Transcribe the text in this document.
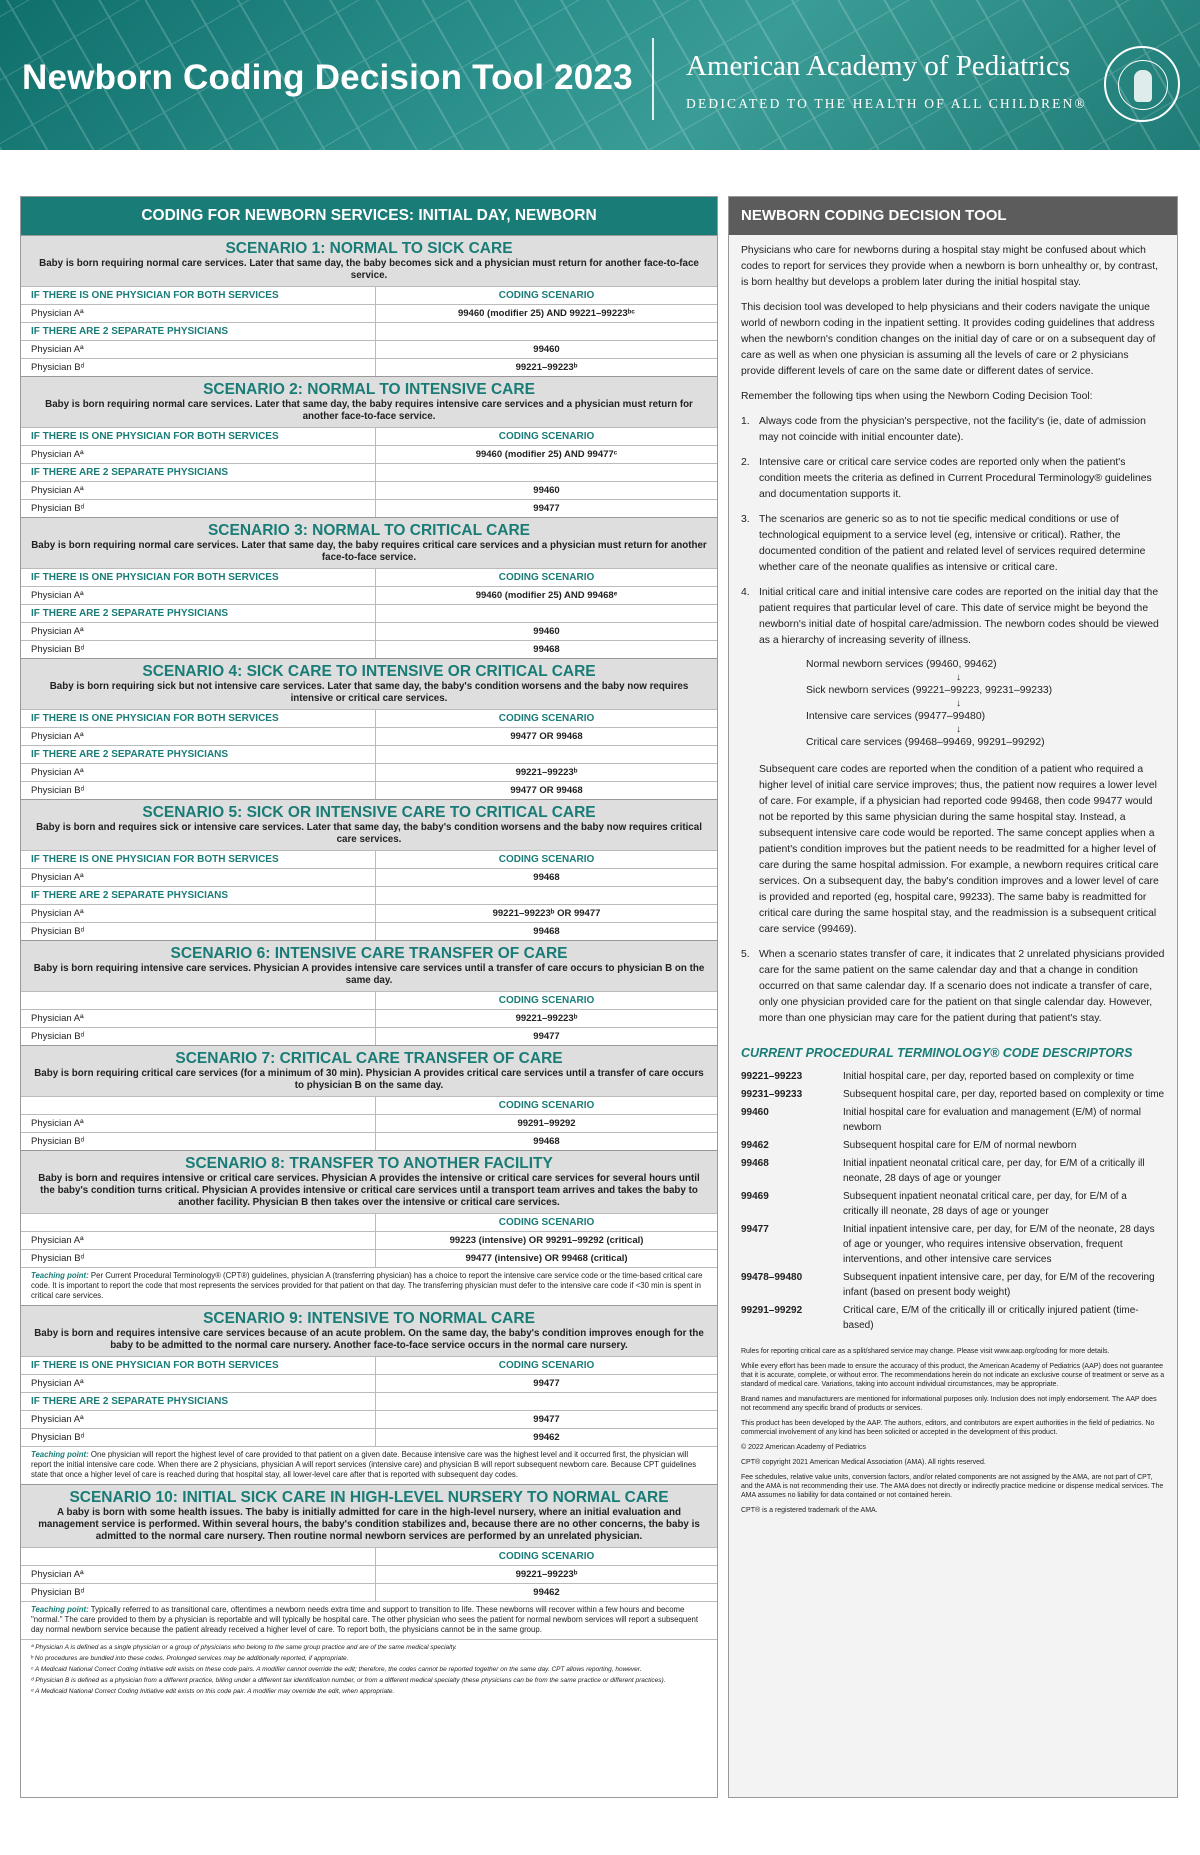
Newborn Coding Decision Tool 2023 American Academy of Pediatrics
DEDICATED TO THE HEALTH OF ALL CHILDREN®
CODING FOR NEWBORN SERVICES: INITIAL DAY, NEWBORN
SCENARIO 1: NORMAL TO SICK CARE
Baby is born requiring normal care services. Later that same day, the baby becomes sick and a physician must return for another face-to-face service.
IF THERE IS ONE PHYSICIAN FOR BOTH SERVICES	CODING SCENARIO
Physician Aª	99460 (modifier 25) AND 99221–99223ᵇᶜ
IF THERE ARE 2 SEPARATE PHYSICIANS
Physician Aª	99460
Physician Bᵈ	99221–99223ᵇ
SCENARIO 2: NORMAL TO INTENSIVE CARE
Baby is born requiring normal care services. Later that same day, the baby requires intensive care services and a physician must return for another face-to-face service.
IF THERE IS ONE PHYSICIAN FOR BOTH SERVICES	CODING SCENARIO
Physician Aª	99460 (modifier 25) AND 99477ᶜ
IF THERE ARE 2 SEPARATE PHYSICIANS
Physician Aª	99460
Physician Bᵈ	99477
SCENARIO 3: NORMAL TO CRITICAL CARE
Baby is born requiring normal care services. Later that same day, the baby requires critical care services and a physician must return for another face-to-face service.
IF THERE IS ONE PHYSICIAN FOR BOTH SERVICES	CODING SCENARIO
Physician Aª	99460 (modifier 25) AND 99468ᵉ
IF THERE ARE 2 SEPARATE PHYSICIANS
Physician Aª	99460
Physician Bᵈ	99468
SCENARIO 4: SICK CARE TO INTENSIVE OR CRITICAL CARE
Baby is born requiring sick but not intensive care services. Later that same day, the baby's condition worsens and the baby now requires intensive or critical care services.
IF THERE IS ONE PHYSICIAN FOR BOTH SERVICES	CODING SCENARIO
Physician Aª	99477 OR 99468
IF THERE ARE 2 SEPARATE PHYSICIANS
Physician Aª	99221–99223ᵇ
Physician Bᵈ	99477 OR 99468
SCENARIO 5: SICK OR INTENSIVE CARE TO CRITICAL CARE
Baby is born and requires sick or intensive care services. Later that same day, the baby's condition worsens and the baby now requires critical care services.
IF THERE IS ONE PHYSICIAN FOR BOTH SERVICES	CODING SCENARIO
Physician Aª	99468
IF THERE ARE 2 SEPARATE PHYSICIANS
Physician Aª	99221–99223ᵇ OR 99477
Physician Bᵈ	99468
SCENARIO 6: INTENSIVE CARE TRANSFER OF CARE
Baby is born requiring intensive care services. Physician A provides intensive care services until a transfer of care occurs to physician B on the same day.
CODING SCENARIO
Physician Aª	99221–99223ᵇ
Physician Bᵈ	99477
SCENARIO 7: CRITICAL CARE TRANSFER OF CARE
Baby is born requiring critical care services (for a minimum of 30 min). Physician A provides critical care services until a transfer of care occurs to physician B on the same day.
CODING SCENARIO
Physician Aª	99291–99292
Physician Bᵈ	99468
SCENARIO 8: TRANSFER TO ANOTHER FACILITY
Baby is born and requires intensive or critical care services. Physician A provides the intensive or critical care services for several hours until the baby's condition turns critical. Physician A provides intensive or critical care services until a transport team arrives and takes the baby to another facility. Physician B then takes over the intensive or critical care services.
CODING SCENARIO
Physician Aª	99223 (intensive) OR 99291–99292 (critical)
Physician Bᵈ	99477 (intensive) OR 99468 (critical)
Teaching point: Per Current Procedural Terminology® (CPT®) guidelines, physician A (transferring physician) has a choice to report the intensive care service code or the time-based critical care code. It is important to report the code that most represents the services provided for that patient on that day. The transferring physician must defer to the intensive care code if <30 min is spent in critical care services.
SCENARIO 9: INTENSIVE TO NORMAL CARE
Baby is born and requires intensive care services because of an acute problem. On the same day, the baby's condition improves enough for the baby to be admitted to the normal care nursery. Another face-to-face service occurs in the normal care nursery.
IF THERE IS ONE PHYSICIAN FOR BOTH SERVICES	CODING SCENARIO
Physician Aª	99477
IF THERE ARE 2 SEPARATE PHYSICIANS
Physician Aª	99477
Physician Bᵈ	99462
Teaching point: One physician will report the highest level of care provided to that patient on a given date. Because intensive care was the highest level and it occurred first, the physician will report the initial intensive care code. When there are 2 physicians, physician A will report services (intensive care) and physician B will report subsequent newborn care. Because CPT guidelines state that once a higher level of care is reached during that hospital stay, all lower-level care after that is reported with subsequent day codes.
SCENARIO 10: INITIAL SICK CARE IN HIGH-LEVEL NURSERY TO NORMAL CARE
A baby is born with some health issues. The baby is initially admitted for care in the high-level nursery, where an initial evaluation and management service is performed. Within several hours, the baby's condition stabilizes and, because there are no other concerns, the baby is admitted to the normal care nursery. Then routine normal newborn services are performed by an unrelated physician.
CODING SCENARIO
Physician Aª	99221–99223ᵇ
Physician Bᵈ	99462
Teaching point: Typically referred to as transitional care, oftentimes a newborn needs extra time and support to transition to life. These newborns will recover within a few hours and become "normal." The care provided to them by a physician is reportable and will typically be hospital care. The other physician who sees the patient for normal newborn services will report a subsequent day normal newborn service because the patient already received a higher level of care. To report both, the physicians cannot be in the same group.
ª Physician A is defined as a single physician or a group of physicians who belong to the same group practice and are of the same medical specialty.
ᵇ No procedures are bundled into these codes. Prolonged services may be additionally reported, if appropriate.
ᶜ A Medicaid National Correct Coding Initiative edit exists on these code pairs. A modifier cannot override the edit; therefore, the codes cannot be reported together on the same day. CPT allows reporting, however.
ᵈ Physician B is defined as a physician from a different practice, billing under a different tax identification number, or from a different medical specialty (these physicians can be from the same practice or different practices).
ᵉ A Medicaid National Correct Coding Initiative edit exists on this code pair. A modifier may override the edit, when appropriate.
NEWBORN CODING DECISION TOOL

Physicians who care for newborns during a hospital stay might be confused about which codes to report for services they provide when a newborn is born unhealthy or, by contrast, is born healthy but develops a problem later during the initial hospital stay.

This decision tool was developed to help physicians and their coders navigate the unique world of newborn coding in the inpatient setting. It provides coding guidelines that address when the newborn's condition changes on the initial day of care or on a subsequent day of care as well as when one physician is assuming all the levels of care or 2 physicians provide different levels of care on the same date or different dates of service.

Remember the following tips when using the Newborn Coding Decision Tool:

1. Always code from the physician's perspective, not the facility's (ie, date of admission may not coincide with initial encounter date).
2. Intensive care or critical care service codes are reported only when the patient's condition meets the criteria as defined in Current Procedural Terminology® guidelines and documentation supports it.
3. The scenarios are generic so as to not tie specific medical conditions or use of technological equipment to a service level (eg, intensive or critical). Rather, the documented condition of the patient and related level of services required determine whether care of the neonate qualifies as intensive or critical care.
4. Initial critical care and initial intensive care codes are reported on the initial day that the patient requires that particular level of care. This date of service might be beyond the newborn's initial date of hospital care/admission. The newborn codes should be viewed as a hierarchy of increasing severity of illness.
Normal newborn services (99460, 99462)
↓
Sick newborn services (99221–99223, 99231–99233)
↓
Intensive care services (99477–99480)
↓
Critical care services (99468–99469, 99291–99292)

Subsequent care codes are reported when the condition of a patient who required a higher level of initial care service improves; thus, the patient now requires a lower level of care. For example, if a physician had reported code 99468, then code 99477 would not be reported by this same physician during the same hospital stay. Instead, a subsequent intensive care code would be reported. The same concept applies when a patient's condition improves but the patient needs to be readmitted for a higher level of care during the same hospital admission. For example, a newborn requires critical care services. On a subsequent day, the baby's condition improves and a lower level of care is provided and reported (eg, hospital care, 99233). The same baby is readmitted for critical care during the same hospital stay, and the readmission is a subsequent critical care service (99469).

5. When a scenario states transfer of care, it indicates that 2 unrelated physicians provided care for the same patient on the same calendar day and that a change in condition occurred on that same calendar day. If a scenario does not indicate a transfer of care, only one physician provided care for the patient on that single calendar day. However, more than one physician may care for the patient during that patient's stay.
CURRENT PROCEDURAL TERMINOLOGY® CODE DESCRIPTORS
99221–99223	Initial hospital care, per day, reported based on complexity or time
99231–99233	Subsequent hospital care, per day, reported based on complexity or time
99460	Initial hospital care for evaluation and management (E/M) of normal newborn
99462	Subsequent hospital care for E/M of normal newborn
99468	Initial inpatient neonatal critical care, per day, for E/M of a critically ill neonate, 28 days of age or younger
99469	Subsequent inpatient neonatal critical care, per day, for E/M of a critically ill neonate, 28 days of age or younger
99477	Initial inpatient intensive care, per day, for E/M of the neonate, 28 days of age or younger, who requires intensive observation, frequent interventions, and other intensive care services
99478–99480	Subsequent inpatient intensive care, per day, for E/M of the recovering infant (based on present body weight)
99291–99292	Critical care, E/M of the critically ill or critically injured patient (time-based)

Rules for reporting critical care as a split/shared service may change. Please visit www.aap.org/coding for more details.

While every effort has been made to ensure the accuracy of this product, the American Academy of Pediatrics (AAP) does not guarantee that it is accurate, complete, or without error. The recommendations herein do not indicate an exclusive course of treatment or serve as a standard of medical care. Variations, taking into account individual circumstances, may be appropriate.

Brand names and manufacturers are mentioned for informational purposes only. Inclusion does not imply endorsement. The AAP does not recommend any specific brand of products or services.

This product has been developed by the AAP. The authors, editors, and contributors are expert authorities in the field of pediatrics. No commercial involvement of any kind has been solicited or accepted in the development of this product.

© 2022 American Academy of Pediatrics

CPT® copyright 2021 American Medical Association (AMA). All rights reserved.

Fee schedules, relative value units, conversion factors, and/or related components are not assigned by the AMA, are not part of CPT, and the AMA is not recommending their use. The AMA does not directly or indirectly practice medicine or dispense medical services. The AMA assumes no liability for data contained or not contained herein.

CPT® is a registered trademark of the AMA.
